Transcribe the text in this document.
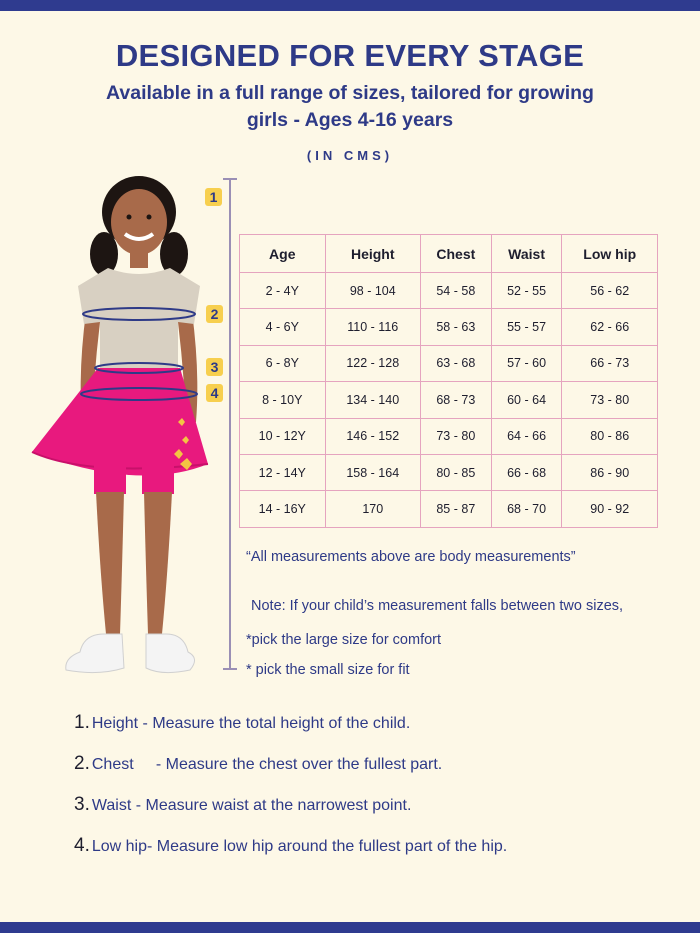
DESIGNED FOR EVERY STAGE
Available in a full range of sizes, tailored for growing girls - Ages 4-16 years
(IN CMS)
1
2
3
4
Age	Height	Chest	Waist	Low hip
2 - 4Y	98 - 104	54 - 58	52 - 55	56 - 62
4 - 6Y	110 - 116	58 - 63	55 - 57	62 - 66
6 - 8Y	122 - 128	63 - 68	57 - 60	66 - 73
8 - 10Y	134 - 140	68 - 73	60 - 64	73 - 80
10 - 12Y	146 - 152	73 - 80	64 - 66	80 - 86
12 - 14Y	158 - 164	80 - 85	66 - 68	86 - 90
14 - 16Y	170	85 - 87	68 - 70	90 - 92
“All measurements above are body measurements”
Note: If your child’s measurement falls between two sizes,
*pick the large size for comfort
* pick the small size for fit
1. Height - Measure the total height of the child.
2. Chest     - Measure the chest over the fullest part.
3. Waist - Measure waist at the narrowest point.
4. Low hip- Measure low hip around the fullest part of the hip.
